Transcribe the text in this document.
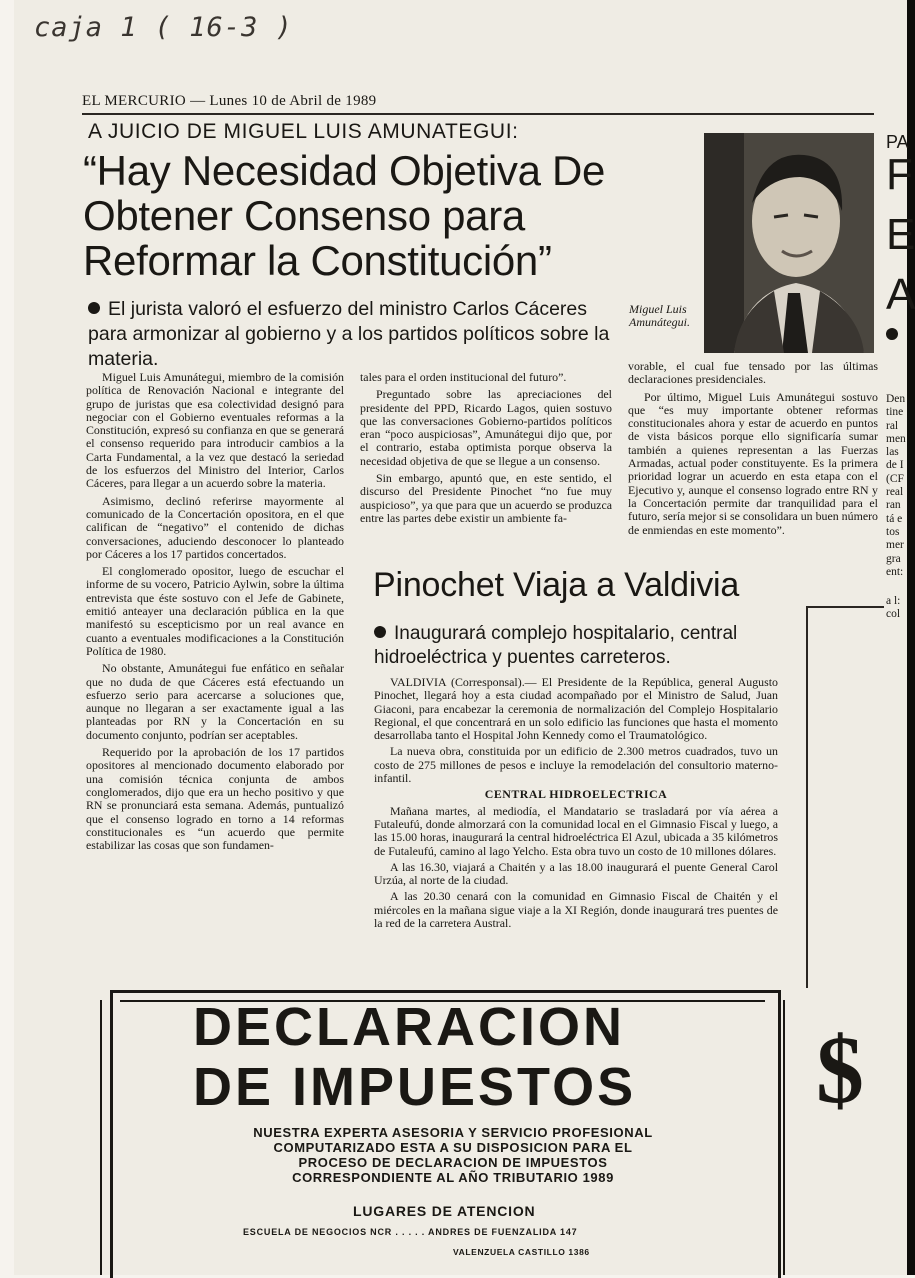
caja 1 ( 16-3 )
EL MERCURIO — Lunes 10 de Abril de 1989
A JUICIO DE MIGUEL LUIS AMUNATEGUI:
“Hay Necesidad Objetiva De Obtener Consenso para Reformar la Constitución”
El jurista valoró el esfuerzo del ministro Carlos Cáceres para armonizar al gobierno y a los partidos políticos sobre la materia.
Miguel Luis Amunátegui.

Miguel Luis Amunátegui, miembro de la comisión política de Renovación Nacional e integrante del grupo de juristas que esa colectividad designó para negociar con el Gobierno eventuales reformas a la Constitución, expresó su confianza en que se generará el consenso requerido para introducir cambios a la Carta Fundamental, a la vez que destacó la seriedad de los esfuerzos del Ministro del Interior, Carlos Cáceres, para llegar a un acuerdo sobre la materia.

Asimismo, declinó referirse mayormente al comunicado de la Concertación opositora, en el que califican de “negativo” el contenido de dichas conversaciones, aduciendo desconocer lo planteado por Cáceres a los 17 partidos concertados.

El conglomerado opositor, luego de escuchar el informe de su vocero, Patricio Aylwin, sobre la última entrevista que éste sostuvo con el Jefe de Gabinete, emitió anteayer una declaración pública en la que manifestó su escepticismo por un real avance en cuanto a eventuales modificaciones a la Constitución Política de 1980.

No obstante, Amunátegui fue enfático en señalar que no duda de que Cáceres está efectuando un esfuerzo serio para acercarse a soluciones que, aunque no llegaran a ser exactamente igual a las planteadas por RN y la Concertación en su documento conjunto, podrían ser aceptables.

Requerido por la aprobación de los 17 partidos opositores al mencionado documento elaborado por una comisión técnica conjunta de ambos conglomerados, dijo que era un hecho positivo y que RN se pronunciará esta semana. Además, puntualizó que el consenso logrado en torno a 14 reformas constitucionales es “un acuerdo que permite estabilizar las cosas que son fundamen-

tales para el orden institucional del futuro”.

Preguntado sobre las apreciaciones del presidente del PPD, Ricardo Lagos, quien sostuvo que las conversaciones Gobierno-partidos políticos eran “poco auspiciosas”, Amunátegui dijo que, por el contrario, estaba optimista porque observa la necesidad objetiva de que se llegue a un consenso.

Sin embargo, apuntó que, en este sentido, el discurso del Presidente Pinochet “no fue muy auspicioso”, ya que para que un acuerdo se produzca entre las partes debe existir un ambiente fa-

vorable, el cual fue tensado por las últimas declaraciones presidenciales.

Por último, Miguel Luis Amunátegui sostuvo que “es muy importante obtener reformas constitucionales ahora y estar de acuerdo en puntos de vista básicos porque ello significaría sumar también a quienes representan a las Fuerzas Armadas, actual poder constituyente. Es la primera prioridad lograr un acuerdo en esta etapa con el Ejecutivo y, aunque el consenso logrado entre RN y la Concertación permite dar tranquilidad para el futuro, sería mejor si se consolidara un buen número de enmiendas en este momento”.

Pinochet Viaja a Valdivia
Inaugurará complejo hospitalario, central hidroeléctrica y puentes carreteros.

VALDIVIA (Corresponsal).— El Presidente de la República, general Augusto Pinochet, llegará hoy a esta ciudad acompañado por el Ministro de Salud, Juan Giaconi, para encabezar la ceremonia de normalización del Complejo Hospitalario Regional, el que concentrará en un solo edificio las funciones que hasta el momento desarrollaba tanto el Hospital John Kennedy como el Traumatológico.

La nueva obra, constituida por un edificio de 2.300 metros cuadrados, tuvo un costo de 275 millones de pesos e incluye la remodelación del consultorio materno-infantil.

CENTRAL HIDROELECTRICA

Mañana martes, al mediodía, el Mandatario se trasladará por vía aérea a Futaleufú, donde almorzará con la comunidad local en el Gimnasio Fiscal y luego, a las 15.00 horas, inaugurará la central hidroeléctrica El Azul, ubicada a 35 kilómetros de Futaleufú, camino al lago Yelcho. Esta obra tuvo un costo de 10 millones dólares.

A las 16.30, viajará a Chaitén y a las 18.00 inaugurará el puente General Carol Urzúa, al norte de la ciudad.

A las 20.30 cenará con la comunidad en Gimnasio Fiscal de Chaitén y el miércoles en la mañana sigue viaje a la XI Región, donde inaugurará tres puentes de la red de la carretera Austral.

PA
F
E
A
Den
tine
ral
men
las
de I
(CF
real
ran
tá e
tos
mer
gra
ent:
a l:
col
DECLARACION
DE IMPUESTOS
NUESTRA EXPERTA ASESORIA Y SERVICIO PROFESIONAL COMPUTARIZADO ESTA A SU DISPOSICION PARA EL PROCESO DE DECLARACION DE IMPUESTOS CORRESPONDIENTE AL AÑO TRIBUTARIO 1989
LUGARES DE ATENCION
ESCUELA DE NEGOCIOS NCR . . . . . ANDRES DE FUENZALIDA 147
VALENZUELA CASTILLO 1386
$
